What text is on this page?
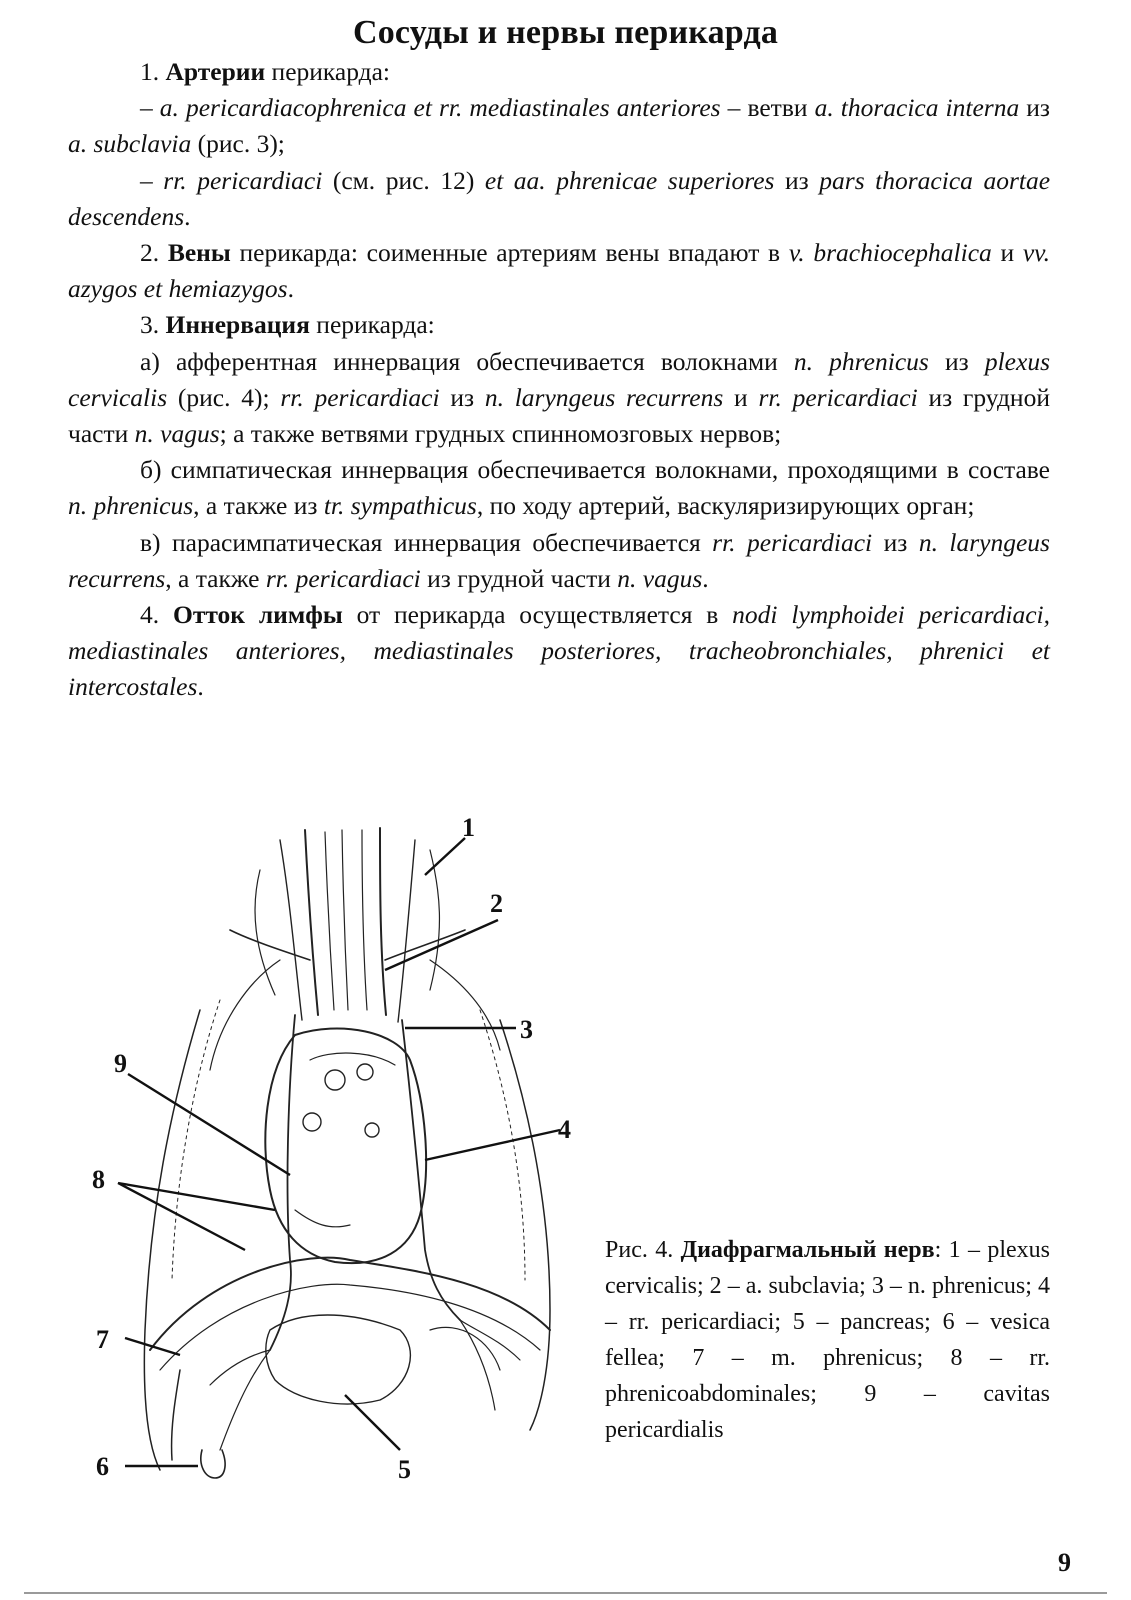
Сосуды и нервы перикарда

1. Артерии перикарда:

– a. pericardiacophrenica et rr. mediastinales anteriores – ветви a. thoracica interna из a. subclavia (рис. 3);

– rr. pericardiaci (см. рис. 12) et aa. phrenicae superiores из pars thoracica aortae descendens.

2. Вены перикарда: соименные артериям вены впадают в v. brachiocephalica и vv. azygos et hemiazygos.

3. Иннервация перикарда:

а) афферентная иннервация обеспечивается волокнами n. phrenicus из plexus cervicalis (рис. 4); rr. pericardiaci из n. laryngeus recurrens и rr. pericardiaci из грудной части n. vagus; а также ветвями грудных спинномозговых нервов;

б) симпатическая иннервация обеспечивается волокнами, проходящими в составе n. phrenicus, а также из tr. sympathicus, по ходу артерий, васкуляризирующих орган;

в) парасимпатическая иннервация обеспечивается rr. pericardiaci из n. laryngeus recurrens, а также rr. pericardiaci из грудной части n. vagus.

4. Отток лимфы от перикарда осуществляется в nodi lymphoidei pericardiaci, mediastinales anteriores, mediastinales posteriores, tracheobronchiales, phrenici et intercostales.

1
2
3
4
5
6
7
8
9

Рис. 4. Диафрагмальный нерв: 1 – plexus cervicalis; 2 – a. subclavia; 3 – n. phrenicus; 4 – rr. pericardiaci; 5 – pancreas; 6 – vesica fellea; 7 – m. phrenicus; 8 – rr. phrenicoabdominales; 9 – cavitas pericardialis

9
